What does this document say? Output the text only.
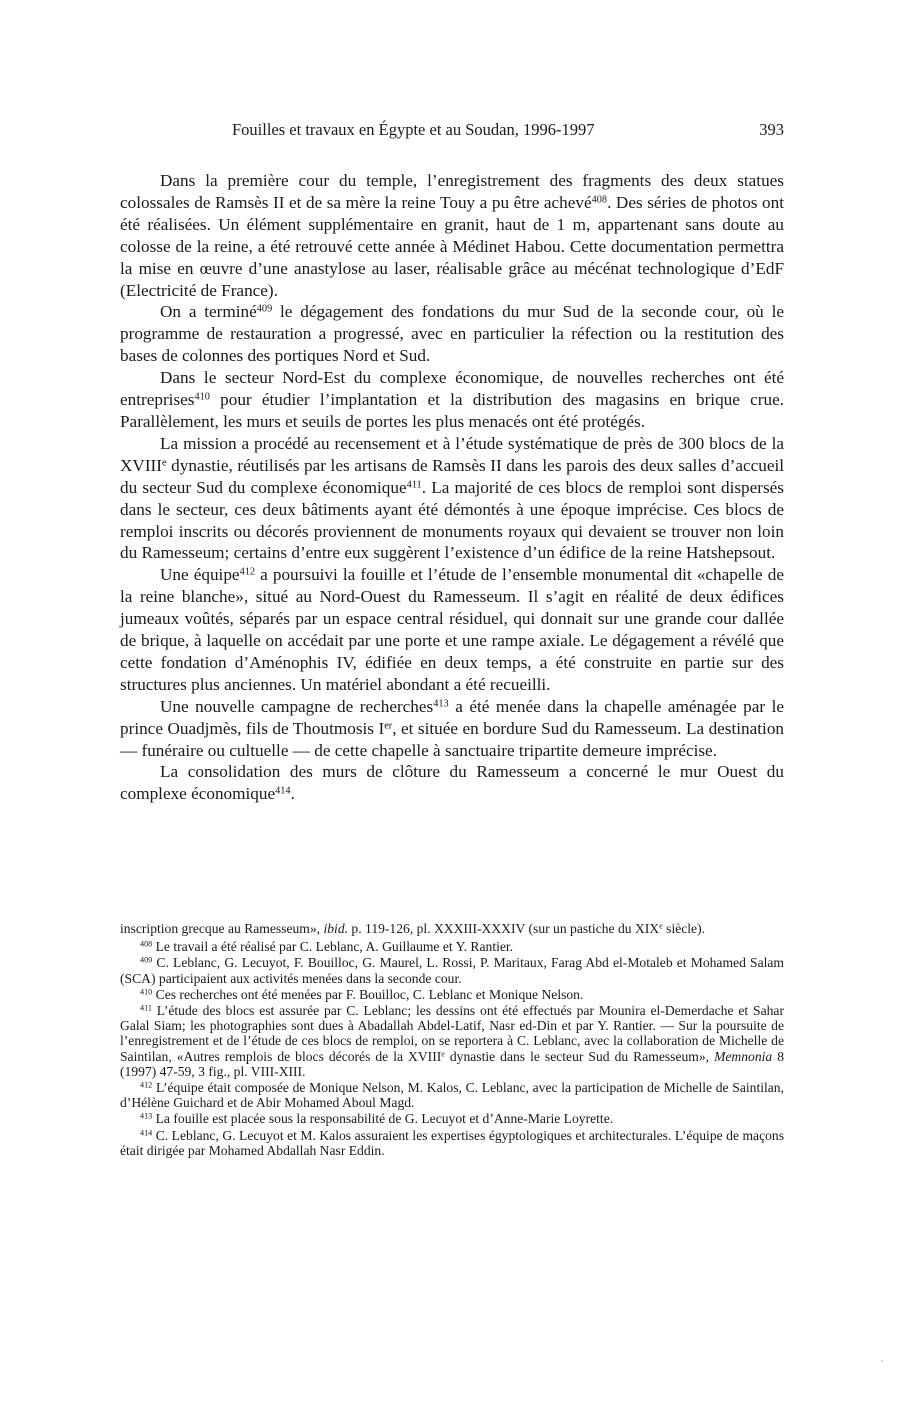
Fouilles et travaux en Égypte et au Soudan, 1996-1997	393

Dans la première cour du temple, l’enregistrement des fragments des deux statues colossales de Ramsès II et de sa mère la reine Touy a pu être achevé$^{408}$. Des séries de photos ont été réalisées. Un élément supplémentaire en granit, haut de 1 m, appartenant sans doute au colosse de la reine, a été retrouvé cette année à Médinet Habou. Cette documentation permettra la mise en œuvre d’une anastylose au laser, réalisable grâce au mécénat technologique d’EdF (Electricité de France).

On a terminé$^{409}$ le dégagement des fondations du mur Sud de la seconde cour, où le programme de restauration a progressé, avec en particulier la réfection ou la restitution des bases de colonnes des portiques Nord et Sud.

Dans le secteur Nord-Est du complexe économique, de nouvelles recherches ont été entreprises$^{410}$ pour étudier l’implantation et la distribution des magasins en brique crue. Parallèlement, les murs et seuils de portes les plus menacés ont été protégés.

La mission a procédé au recensement et à l’étude systématique de près de 300 blocs de la XVIIIe dynastie, réutilisés par les artisans de Ramsès II dans les parois des deux salles d’accueil du secteur Sud du complexe économique$^{411}$. La majorité de ces blocs de remploi sont dispersés dans le secteur, ces deux bâtiments ayant été démontés à une époque imprécise. Ces blocs de remploi inscrits ou décorés proviennent de monuments royaux qui devaient se trouver non loin du Ramesseum; certains d’entre eux suggèrent l’existence d’un édifice de la reine Hatshepsout.

Une équipe$^{412}$ a poursuivi la fouille et l’étude de l’ensemble monumental dit «chapelle de la reine blanche», situé au Nord-Ouest du Ramesseum. Il s’agit en réalité de deux édifices jumeaux voûtés, séparés par un espace central résiduel, qui donnait sur une grande cour dallée de brique, à laquelle on accédait par une porte et une rampe axiale. Le dégagement a révélé que cette fondation d’Aménophis IV, édifiée en deux temps, a été construite en partie sur des structures plus anciennes. Un matériel abondant a été recueilli.

Une nouvelle campagne de recherches$^{413}$ a été menée dans la chapelle aménagée par le prince Ouadjmès, fils de Thoutmosis Ier, et située en bordure Sud du Ramesseum. La destination — funéraire ou cultuelle — de cette chapelle à sanctuaire tripartite demeure imprécise.

La consolidation des murs de clôture du Ramesseum a concerné le mur Ouest du complexe économique$^{414}$.

inscription grecque au Ramesseum», ibid. p. 119-126, pl. XXXIII-XXXIV (sur un pastiche du XIXe siècle).

$^{408}$ Le travail a été réalisé par C. Leblanc, A. Guillaume et Y. Rantier.

$^{409}$ C. Leblanc, G. Lecuyot, F. Bouilloc, G. Maurel, L. Rossi, P. Maritaux, Farag Abd el-Motaleb et Mohamed Salam (SCA) participaient aux activités menées dans la seconde cour.

$^{410}$ Ces recherches ont été menées par F. Bouilloc, C. Leblanc et Monique Nelson.

$^{411}$ L’étude des blocs est assurée par C. Leblanc; les dessins ont été effectués par Mounira el-Demerdache et Sahar Galal Siam; les photographies sont dues à Abadallah Abdel-Latif, Nasr ed-Din et par Y. Rantier. — Sur la poursuite de l’enregistrement et de l’étude de ces blocs de remploi, on se reportera à C. Leblanc, avec la collaboration de Michelle de Saintilan, «Autres remplois de blocs décorés de la XVIIIe dynastie dans le secteur Sud du Ramesseum», Memnonia 8 (1997) 47-59, 3 fig., pl. VIII-XIII.

$^{412}$ L’équipe était composée de Monique Nelson, M. Kalos, C. Leblanc, avec la participation de Michelle de Saintilan, d’Hélène Guichard et de Abir Mohamed Aboul Magd.

$^{413}$ La fouille est placée sous la responsabilité de G. Lecuyot et d’Anne-Marie Loyrette.

$^{414}$ C. Leblanc, G. Lecuyot et M. Kalos assuraient les expertises égyptologiques et architecturales. L’équipe de maçons était dirigée par Mohamed Abdallah Nasr Eddin.
